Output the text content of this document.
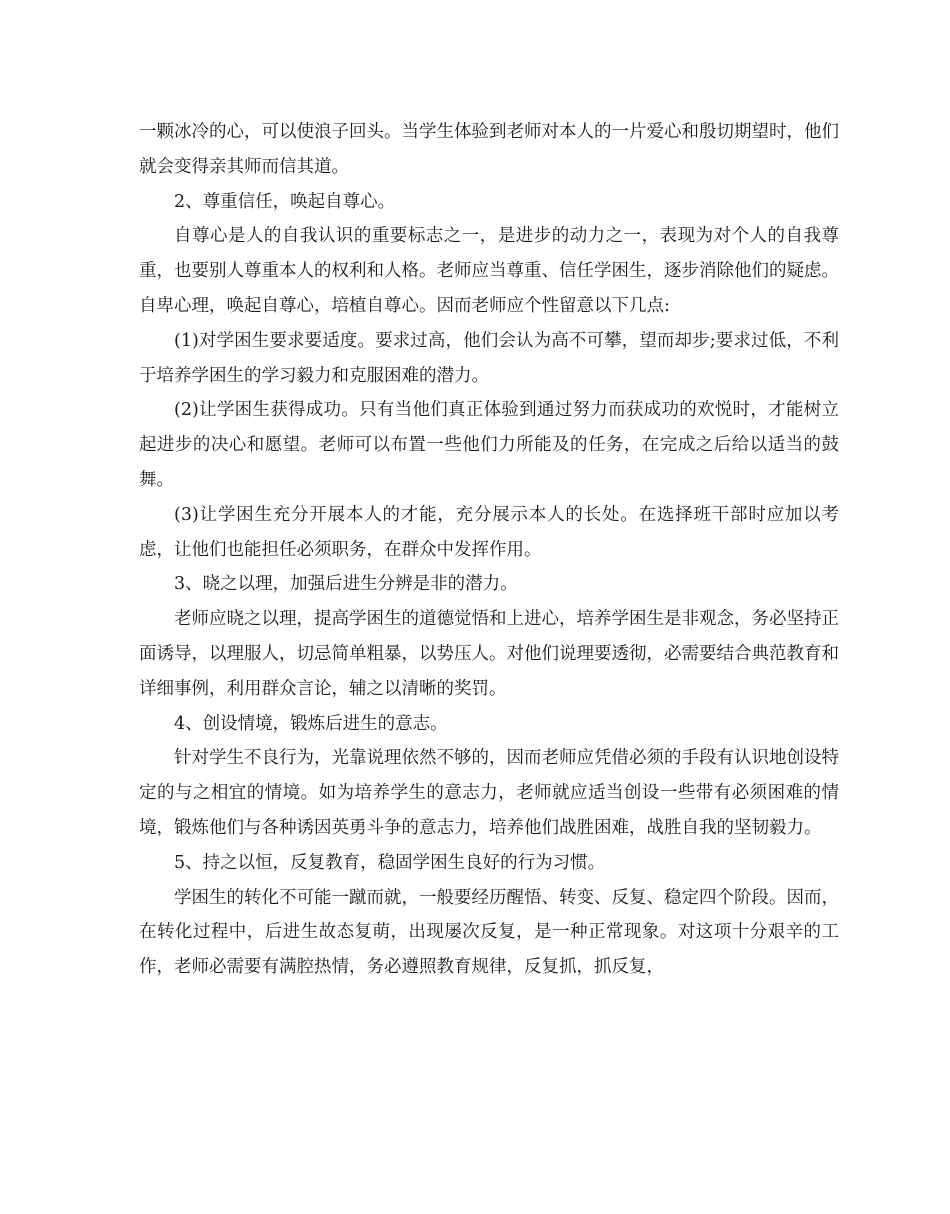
一颗冰冷的心，可以使浪子回头。当学生体验到老师对本人的一片爱心和殷切期望时，他们就会变得亲其师而信其道。

2、尊重信任，唤起自尊心。

自尊心是人的自我认识的重要标志之一，是进步的动力之一，表现为对个人的自我尊重，也要别人尊重本人的权利和人格。老师应当尊重、信任学困生，逐步消除他们的疑虑。自卑心理，唤起自尊心，培植自尊心。因而老师应个性留意以下几点:

(1)对学困生要求要适度。要求过高，他们会认为高不可攀，望而却步;要求过低，不利于培养学困生的学习毅力和克服困难的潜力。

(2)让学困生获得成功。只有当他们真正体验到通过努力而获成功的欢悦时，才能树立起进步的决心和愿望。老师可以布置一些他们力所能及的任务，在完成之后给以适当的鼓舞。

(3)让学困生充分开展本人的才能，充分展示本人的长处。在选择班干部时应加以考虑，让他们也能担任必须职务，在群众中发挥作用。

3、晓之以理，加强后进生分辨是非的潜力。

老师应晓之以理，提高学困生的道德觉悟和上进心，培养学困生是非观念，务必坚持正面诱导，以理服人，切忌简单粗暴，以势压人。对他们说理要透彻，必需要结合典范教育和详细事例，利用群众言论，辅之以清晰的奖罚。

4、创设情境，锻炼后进生的意志。

针对学生不良行为，光靠说理依然不够的，因而老师应凭借必须的手段有认识地创设特定的与之相宜的情境。如为培养学生的意志力，老师就应适当创设一些带有必须困难的情境，锻炼他们与各种诱因英勇斗争的意志力，培养他们战胜困难，战胜自我的坚韧毅力。

5、持之以恒，反复教育，稳固学困生良好的行为习惯。

学困生的转化不可能一蹴而就，一般要经历醒悟、转变、反复、稳定四个阶段。因而，在转化过程中，后进生故态复萌，出现屡次反复，是一种正常现象。对这项十分艰辛的工作，老师必需要有满腔热情，务必遵照教育规律，反复抓，抓反复，
